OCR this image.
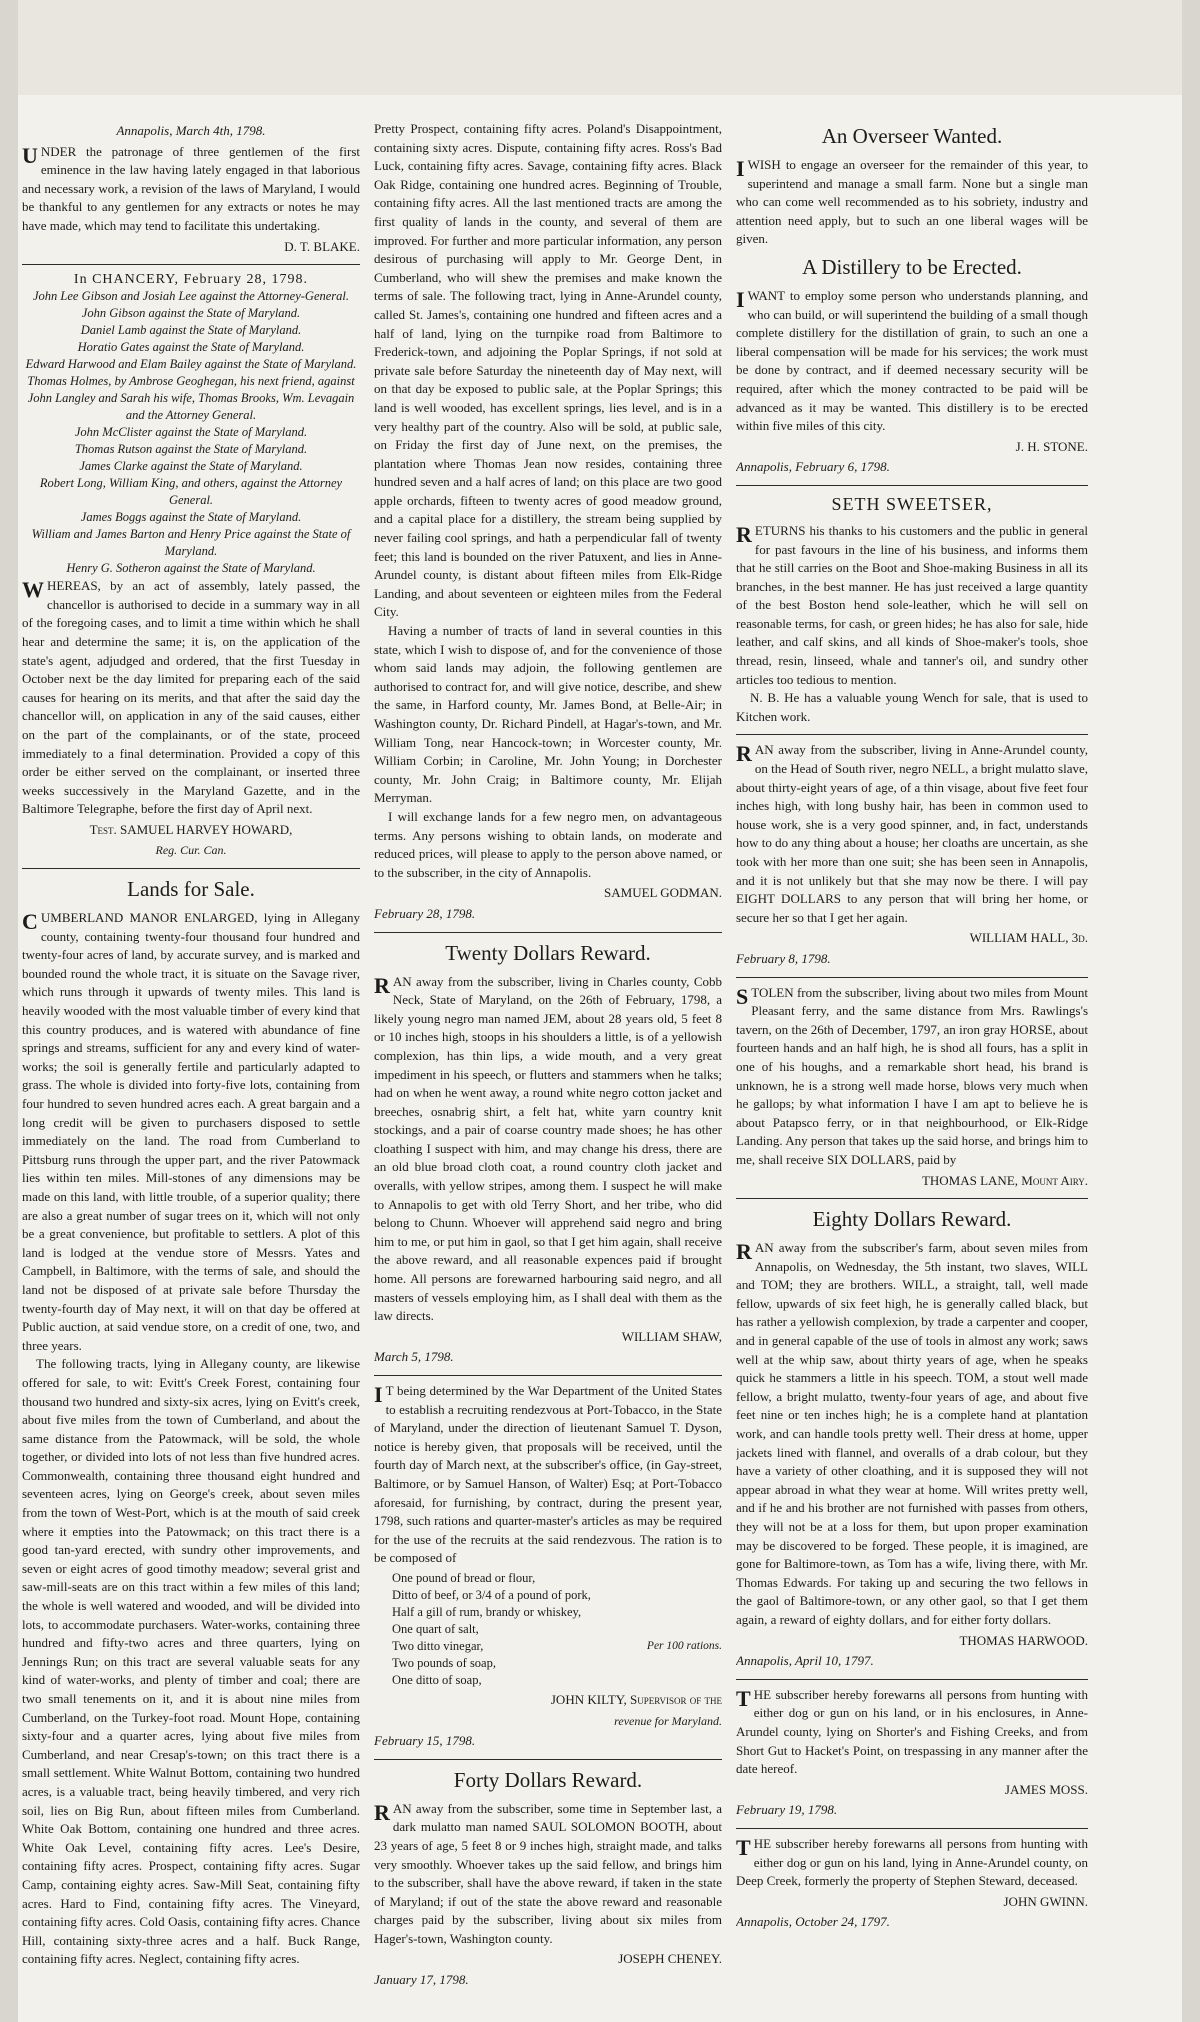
Annapolis, March 4th, 1798.

UNDER the patronage of three gentlemen of the first eminence in the law having lately engaged in that laborious and necessary work, a revision of the laws of Maryland, I would be thankful to any gentlemen for any extracts or notes he may have made, which may tend to facilitate this undertaking.

D. T. BLAKE.
In CHANCERY, February 28, 1798.
John Lee Gibson and Josiah Lee against the Attorney-General.
John Gibson against the State of Maryland.
Daniel Lamb against the State of Maryland.
Horatio Gates against the State of Maryland.
Edward Harwood and Elam Bailey against the State of Maryland.
Thomas Holmes, by Ambrose Geoghegan, his next friend, against John Langley and Sarah his wife, Thomas Brooks, Wm. Levagain and the Attorney General.
John McClister against the State of Maryland.
Thomas Rutson against the State of Maryland.
James Clarke against the State of Maryland.
Robert Long, William King, and others, against the Attorney General.
James Boggs against the State of Maryland.
William and James Barton and Henry Price against the State of Maryland.
Henry G. Sotheron against the State of Maryland.

WHEREAS, by an act of assembly, lately passed, the chancellor is authorised to decide in a summary way in all of the foregoing cases, and to limit a time within which he shall hear and determine the same; it is, on the application of the state's agent, adjudged and ordered, that the first Tuesday in October next be the day limited for preparing each of the said causes for hearing on its merits, and that after the said day the chancellor will, on application in any of the said causes, either on the part of the complainants, or of the state, proceed immediately to a final determination. Provided a copy of this order be either served on the complainant, or inserted three weeks successively in the Maryland Gazette, and in the Baltimore Telegraphe, before the first day of April next.

Test. SAMUEL HARVEY HOWARD,
Reg. Cur. Can.
Lands for Sale.

CUMBERLAND MANOR ENLARGED, lying in Allegany county, containing twenty-four thousand four hundred and twenty-four acres of land, by accurate survey, and is marked and bounded round the whole tract, it is situate on the Savage river, which runs through it upwards of twenty miles. This land is heavily wooded with the most valuable timber of every kind that this country produces, and is watered with abundance of fine springs and streams, sufficient for any and every kind of water-works; the soil is generally fertile and particularly adapted to grass. The whole is divided into forty-five lots, containing from four hundred to seven hundred acres each. A great bargain and a long credit will be given to purchasers disposed to settle immediately on the land. The road from Cumberland to Pittsburg runs through the upper part, and the river Patowmack lies within ten miles. Mill-stones of any dimensions may be made on this land, with little trouble, of a superior quality; there are also a great number of sugar trees on it, which will not only be a great convenience, but profitable to settlers. A plot of this land is lodged at the vendue store of Messrs. Yates and Campbell, in Baltimore, with the terms of sale, and should the land not be disposed of at private sale before Thursday the twenty-fourth day of May next, it will on that day be offered at Public auction, at said vendue store, on a credit of one, two, and three years.

The following tracts, lying in Allegany county, are likewise offered for sale, to wit: Evitt's Creek Forest, containing four thousand two hundred and sixty-six acres, lying on Evitt's creek, about five miles from the town of Cumberland, and about the same distance from the Patowmack, will be sold, the whole together, or divided into lots of not less than five hundred acres. Commonwealth, containing three thousand eight hundred and seventeen acres, lying on George's creek, about seven miles from the town of West-Port, which is at the mouth of said creek where it empties into the Patowmack; on this tract there is a good tan-yard erected, with sundry other improvements, and seven or eight acres of good timothy meadow; several grist and saw-mill-seats are on this tract within a few miles of this land; the whole is well watered and wooded, and will be divided into lots, to accommodate purchasers. Water-works, containing three hundred and fifty-two acres and three quarters, lying on Jennings Run; on this tract are several valuable seats for any kind of water-works, and plenty of timber and coal; there are two small tenements on it, and it is about nine miles from Cumberland, on the Turkey-foot road. Mount Hope, containing sixty-four and a quarter acres, lying about five miles from Cumberland, and near Cresap's-town; on this tract there is a small settlement. White Walnut Bottom, containing two hundred acres, is a valuable tract, being heavily timbered, and very rich soil, lies on Big Run, about fifteen miles from Cumberland. White Oak Bottom, containing one hundred and three acres. White Oak Level, containing fifty acres. Lee's Desire, containing fifty acres. Prospect, containing fifty acres. Sugar Camp, containing eighty acres. Saw-Mill Seat, containing fifty acres. Hard to Find, containing fifty acres. The Vineyard, containing fifty acres. Cold Oasis, containing fifty acres. Chance Hill, containing sixty-three acres and a half. Buck Range, containing fifty acres. Neglect, containing fifty acres.

Pretty Prospect, containing fifty acres. Poland's Disappointment, containing sixty acres. Dispute, containing fifty acres. Ross's Bad Luck, containing fifty acres. Savage, containing fifty acres. Black Oak Ridge, containing one hundred acres. Beginning of Trouble, containing fifty acres. All the last mentioned tracts are among the first quality of lands in the county, and several of them are improved. For further and more particular information, any person desirous of purchasing will apply to Mr. George Dent, in Cumberland, who will shew the premises and make known the terms of sale. The following tract, lying in Anne-Arundel county, called St. James's, containing one hundred and fifteen acres and a half of land, lying on the turnpike road from Baltimore to Frederick-town, and adjoining the Poplar Springs, if not sold at private sale before Saturday the nineteenth day of May next, will on that day be exposed to public sale, at the Poplar Springs; this land is well wooded, has excellent springs, lies level, and is in a very healthy part of the country. Also will be sold, at public sale, on Friday the first day of June next, on the premises, the plantation where Thomas Jean now resides, containing three hundred seven and a half acres of land; on this place are two good apple orchards, fifteen to twenty acres of good meadow ground, and a capital place for a distillery, the stream being supplied by never failing cool springs, and hath a perpendicular fall of twenty feet; this land is bounded on the river Patuxent, and lies in Anne-Arundel county, is distant about fifteen miles from Elk-Ridge Landing, and about seventeen or eighteen miles from the Federal City.

Having a number of tracts of land in several counties in this state, which I wish to dispose of, and for the convenience of those whom said lands may adjoin, the following gentlemen are authorised to contract for, and will give notice, describe, and shew the same, in Harford county, Mr. James Bond, at Belle-Air; in Washington county, Dr. Richard Pindell, at Hagar's-town, and Mr. William Tong, near Hancock-town; in Worcester county, Mr. William Corbin; in Caroline, Mr. John Young; in Dorchester county, Mr. John Craig; in Baltimore county, Mr. Elijah Merryman.

I will exchange lands for a few negro men, on advantageous terms. Any persons wishing to obtain lands, on moderate and reduced prices, will please to apply to the person above named, or to the subscriber, in the city of Annapolis.

SAMUEL GODMAN.
February 28, 1798.
Twenty Dollars Reward.

RAN away from the subscriber, living in Charles county, Cobb Neck, State of Maryland, on the 26th of February, 1798, a likely young negro man named JEM, about 28 years old, 5 feet 8 or 10 inches high, stoops in his shoulders a little, is of a yellowish complexion, has thin lips, a wide mouth, and a very great impediment in his speech, or flutters and stammers when he talks; had on when he went away, a round white negro cotton jacket and breeches, osnabrig shirt, a felt hat, white yarn country knit stockings, and a pair of coarse country made shoes; he has other cloathing I suspect with him, and may change his dress, there are an old blue broad cloth coat, a round country cloth jacket and overalls, with yellow stripes, among them. I suspect he will make to Annapolis to get with old Terry Short, and her tribe, who did belong to Chunn. Whoever will apprehend said negro and bring him to me, or put him in gaol, so that I get him again, shall receive the above reward, and all reasonable expences paid if brought home. All persons are forewarned harbouring said negro, and all masters of vessels employing him, as I shall deal with them as the law directs.

WILLIAM SHAW,
March 5, 1798.

I T being determined by the War Department of the United States to establish a recruiting rendezvous at Port-Tobacco, in the State of Maryland, under the direction of lieutenant Samuel T. Dyson, notice is hereby given, that proposals will be received, until the fourth day of March next, at the subscriber's office, (in Gay-street, Baltimore, or by Samuel Hanson, of Walter) Esq; at Port-Tobacco aforesaid, for furnishing, by contract, during the present year, 1798, such rations and quarter-master's articles as may be required for the use of the recruits at the said rendezvous. The ration is to be composed of

One pound of bread or flour,
Ditto of beef, or 3/4 of a pound of pork,
Half a gill of rum, brandy or whiskey,
One quart of salt,
Two ditto vinegar,	Per 100 rations.
Two pounds of soap,
One ditto of soap,
JOHN KILTY, Supervisor of the
revenue for Maryland.
February 15, 1798.
Forty Dollars Reward.

RAN away from the subscriber, some time in September last, a dark mulatto man named SAUL SOLOMON BOOTH, about 23 years of age, 5 feet 8 or 9 inches high, straight made, and talks very smoothly. Whoever takes up the said fellow, and brings him to the subscriber, shall have the above reward, if taken in the state of Maryland; if out of the state the above reward and reasonable charges paid by the subscriber, living about six miles from Hager's-town, Washington county.

JOSEPH CHENEY.
January 17, 1798.
An Overseer Wanted.

IWISH to engage an overseer for the remainder of this year, to superintend and manage a small farm. None but a single man who can come well recommended as to his sobriety, industry and attention need apply, but to such an one liberal wages will be given.

A Distillery to be Erected.

IWANT to employ some person who understands planning, and who can build, or will superintend the building of a small though complete distillery for the distillation of grain, to such an one a liberal compensation will be made for his services; the work must be done by contract, and if deemed necessary security will be required, after which the money contracted to be paid will be advanced as it may be wanted. This distillery is to be erected within five miles of this city.

J. H. STONE.
Annapolis, February 6, 1798.
SETH SWEETSER,

RETURNS his thanks to his customers and the public in general for past favours in the line of his business, and informs them that he still carries on the Boot and Shoe-making Business in all its branches, in the best manner. He has just received a large quantity of the best Boston hend sole-leather, which he will sell on reasonable terms, for cash, or green hides; he has also for sale, hide leather, and calf skins, and all kinds of Shoe-maker's tools, shoe thread, resin, linseed, whale and tanner's oil, and sundry other articles too tedious to mention.

N. B. He has a valuable young Wench for sale, that is used to Kitchen work.

RAN away from the subscriber, living in Anne-Arundel county, on the Head of South river, negro NELL, a bright mulatto slave, about thirty-eight years of age, of a thin visage, about five feet four inches high, with long bushy hair, has been in common used to house work, she is a very good spinner, and, in fact, understands how to do any thing about a house; her cloaths are uncertain, as she took with her more than one suit; she has been seen in Annapolis, and it is not unlikely but that she may now be there. I will pay EIGHT DOLLARS to any person that will bring her home, or secure her so that I get her again.

WILLIAM HALL, 3d.
February 8, 1798.

STOLEN from the subscriber, living about two miles from Mount Pleasant ferry, and the same distance from Mrs. Rawlings's tavern, on the 26th of December, 1797, an iron gray HORSE, about fourteen hands and an half high, he is shod all fours, has a split in one of his houghs, and a remarkable short head, his brand is unknown, he is a strong well made horse, blows very much when he gallops; by what information I have I am apt to believe he is about Patapsco ferry, or in that neighbourhood, or Elk-Ridge Landing. Any person that takes up the said horse, and brings him to me, shall receive SIX DOLLARS, paid by

THOMAS LANE, Mount Airy.
Eighty Dollars Reward.

RAN away from the subscriber's farm, about seven miles from Annapolis, on Wednesday, the 5th instant, two slaves, WILL and TOM; they are brothers. WILL, a straight, tall, well made fellow, upwards of six feet high, he is generally called black, but has rather a yellowish complexion, by trade a carpenter and cooper, and in general capable of the use of tools in almost any work; saws well at the whip saw, about thirty years of age, when he speaks quick he stammers a little in his speech. TOM, a stout well made fellow, a bright mulatto, twenty-four years of age, and about five feet nine or ten inches high; he is a complete hand at plantation work, and can handle tools pretty well. Their dress at home, upper jackets lined with flannel, and overalls of a drab colour, but they have a variety of other cloathing, and it is supposed they will not appear abroad in what they wear at home. Will writes pretty well, and if he and his brother are not furnished with passes from others, they will not be at a loss for them, but upon proper examination may be discovered to be forged. These people, it is imagined, are gone for Baltimore-town, as Tom has a wife, living there, with Mr. Thomas Edwards. For taking up and securing the two fellows in the gaol of Baltimore-town, or any other gaol, so that I get them again, a reward of eighty dollars, and for either forty dollars.

THOMAS HARWOOD.
Annapolis, April 10, 1797.

THE subscriber hereby forewarns all persons from hunting with either dog or gun on his land, or in his enclosures, in Anne-Arundel county, lying on Shorter's and Fishing Creeks, and from Short Gut to Hacket's Point, on trespassing in any manner after the date hereof.

JAMES MOSS.
February 19, 1798.

THE subscriber hereby forewarns all persons from hunting with either dog or gun on his land, lying in Anne-Arundel county, on Deep Creek, formerly the property of Stephen Steward, deceased.

JOHN GWINN.
Annapolis, October 24, 1797.
